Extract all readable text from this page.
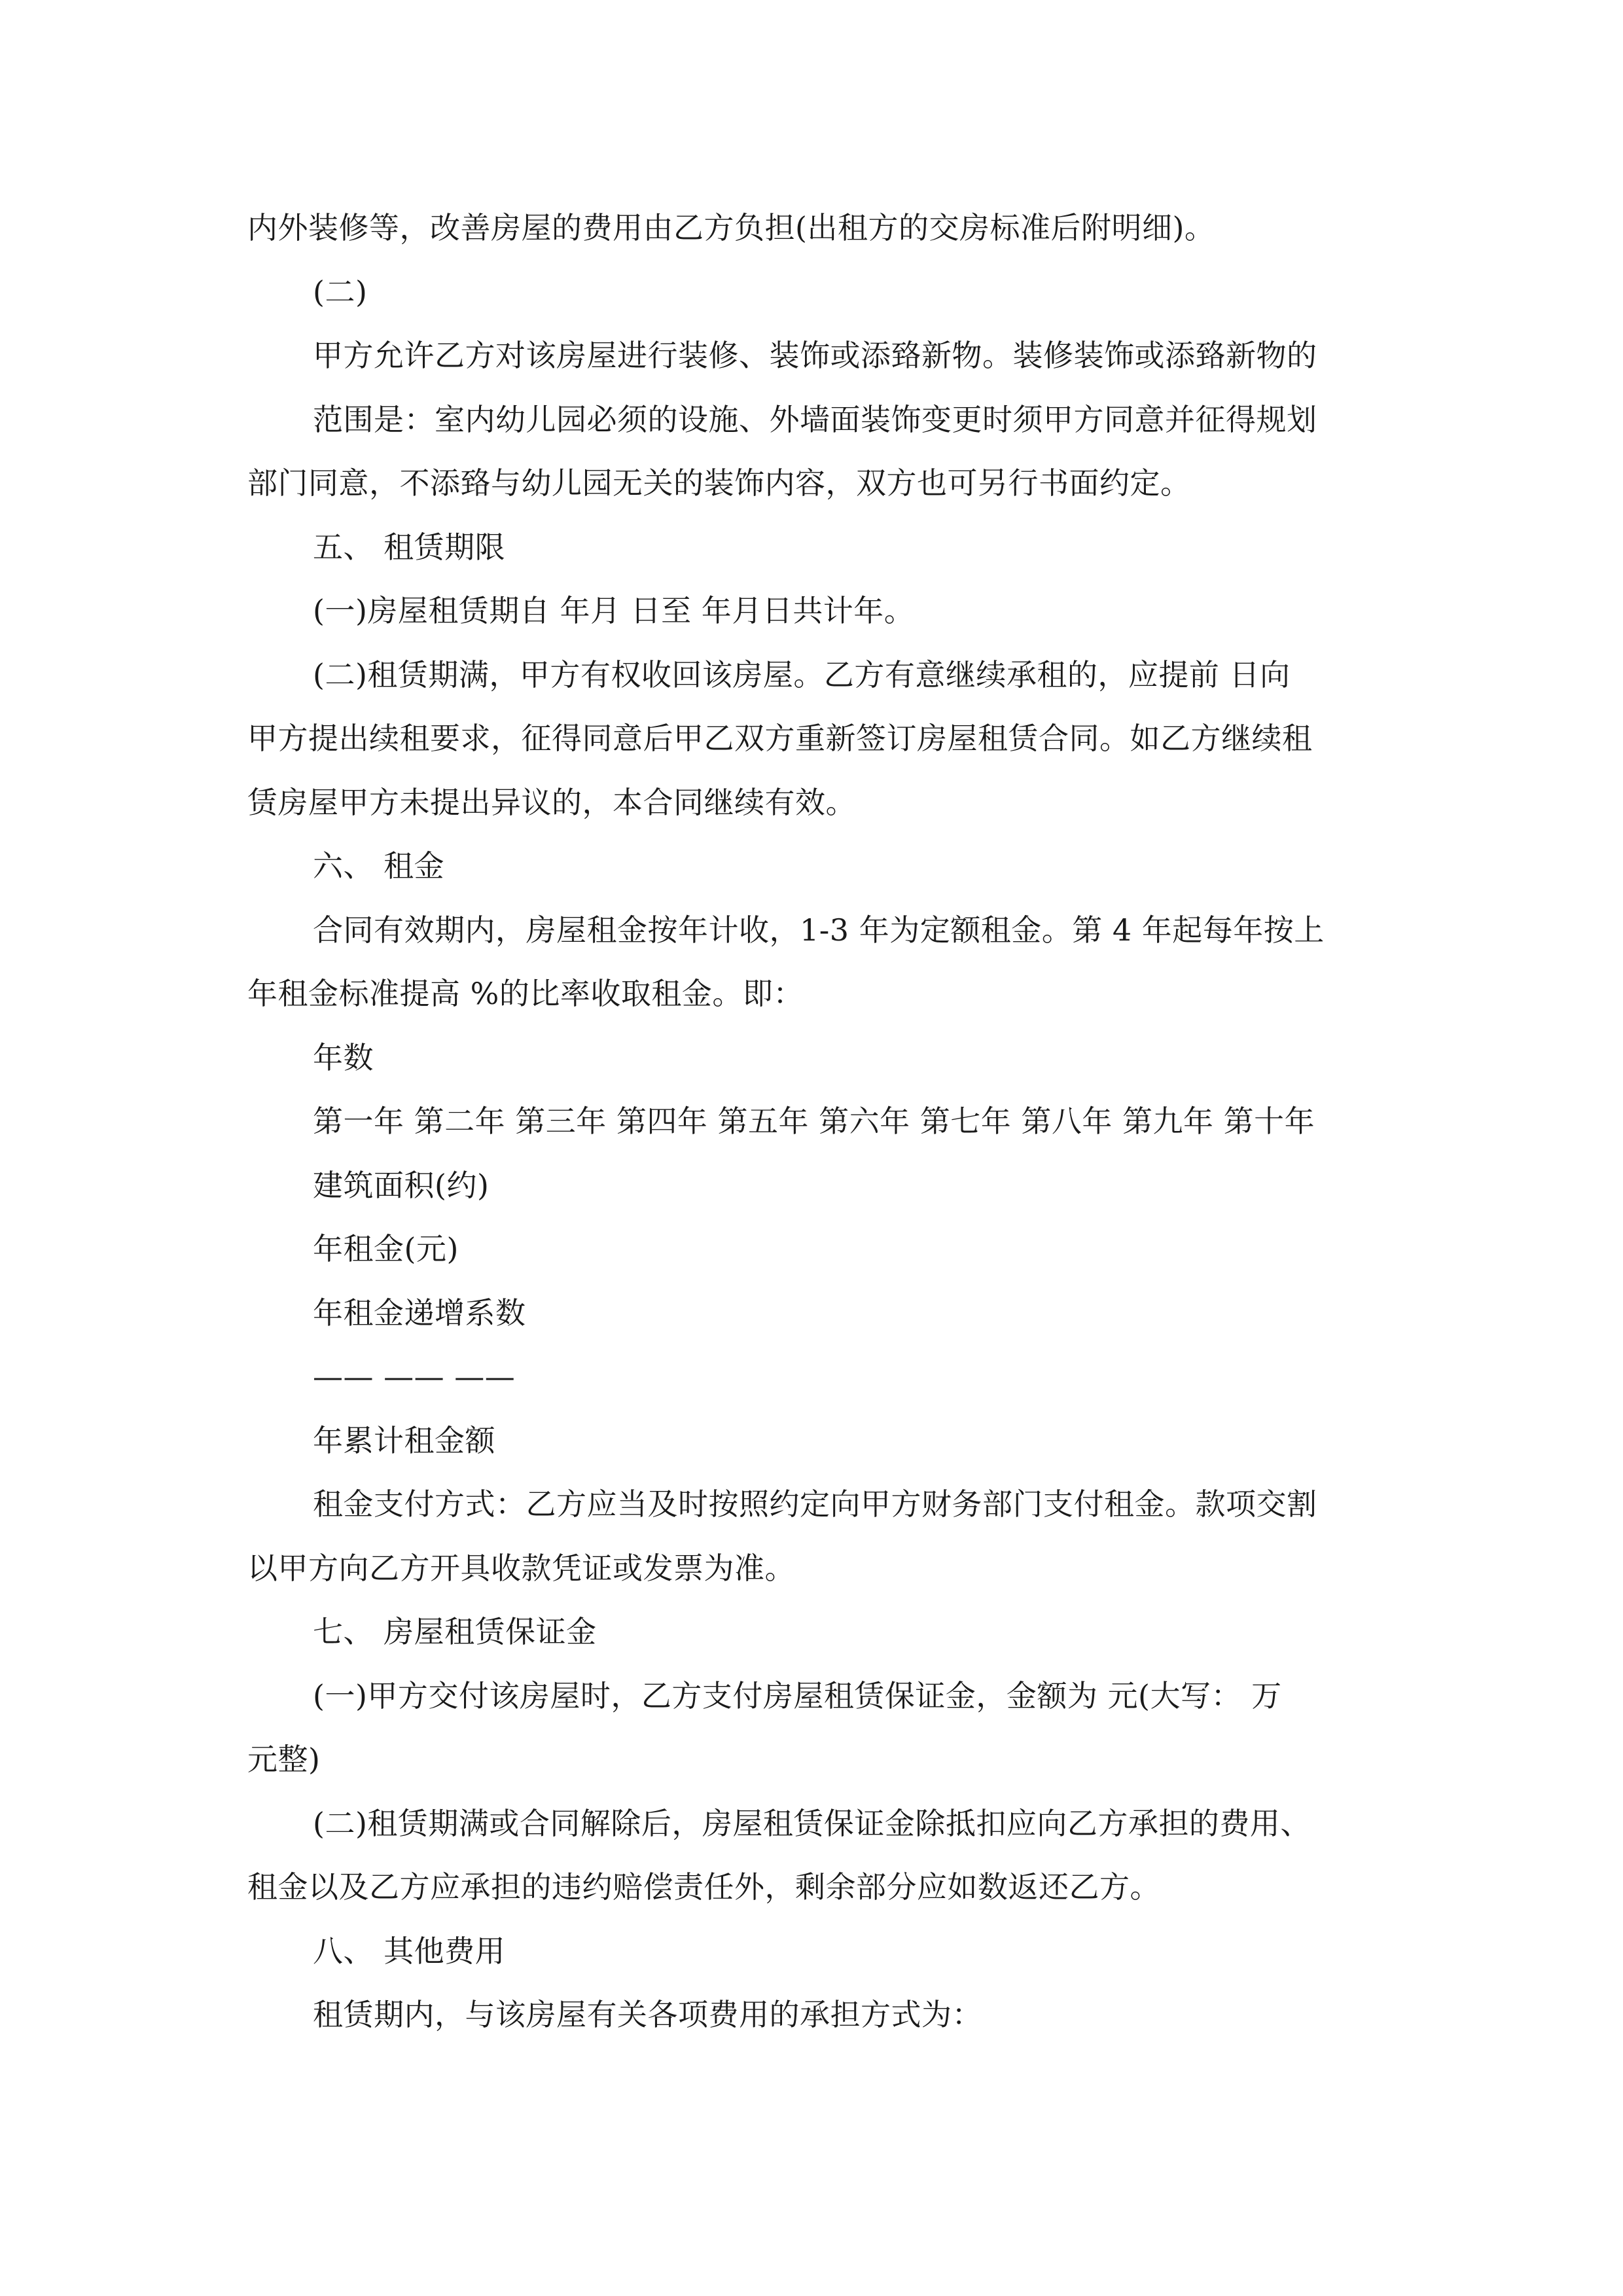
内外装修等，改善房屋的费用由乙方负担(出租方的交房标准后附明细)。
(二)
甲方允许乙方对该房屋进行装修、装饰或添臵新物。装修装饰或添臵新物的
范围是：室内幼儿园必须的设施、外墙面装饰变更时须甲方同意并征得规划
部门同意，不添臵与幼儿园无关的装饰内容，双方也可另行书面约定。
五、 租赁期限
(一)房屋租赁期自 年月 日至 年月日共计年。
(二)租赁期满，甲方有权收回该房屋。乙方有意继续承租的，应提前 日向
甲方提出续租要求，征得同意后甲乙双方重新签订房屋租赁合同。如乙方继续租
赁房屋甲方未提出异议的，本合同继续有效。
六、 租金
合同有效期内，房屋租金按年计收，1-3 年为定额租金。第 4 年起每年按上
年租金标准提高 %的比率收取租金。即：
年数
第一年 第二年 第三年 第四年 第五年 第六年 第七年 第八年 第九年 第十年
建筑面积(约)
年租金(元)
年租金递增系数
—— —— ——
年累计租金额
租金支付方式：乙方应当及时按照约定向甲方财务部门支付租金。款项交割
以甲方向乙方开具收款凭证或发票为准。
七、 房屋租赁保证金
(一)甲方交付该房屋时，乙方支付房屋租赁保证金，金额为 元(大写： 万
元整)
(二)租赁期满或合同解除后，房屋租赁保证金除抵扣应向乙方承担的费用、
租金以及乙方应承担的违约赔偿责任外，剩余部分应如数返还乙方。
八、 其他费用
租赁期内，与该房屋有关各项费用的承担方式为：
